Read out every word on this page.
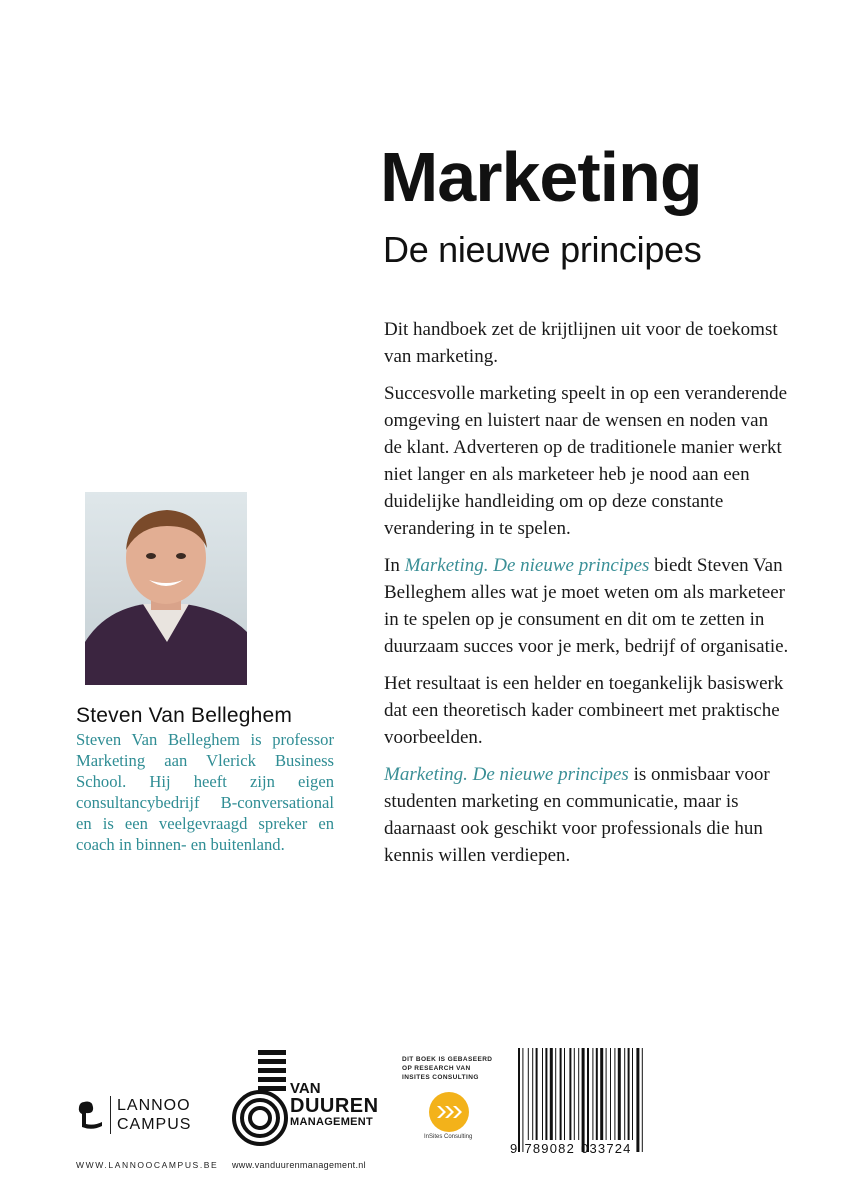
Marketing
De nieuwe principes

Dit handboek zet de krijtlijnen uit voor de toekomst van marketing.

Succesvolle marketing speelt in op een veranderende omgeving en luistert naar de wensen en noden van de klant. Adverteren op de traditionele manier werkt niet langer en als marketeer heb je nood aan een duidelijke handleiding om op deze constante verandering in te spelen.

In Marketing. De nieuwe principes biedt Steven Van Belleghem alles wat je moet weten om als marketeer in te spelen op je consument en dit om te zetten in duurzaam succes voor je merk, bedrijf of organisatie.

Het resultaat is een helder en toegankelijk basiswerk dat een theoretisch kader combineert met praktische voorbeelden.

Marketing. De nieuwe principes is onmisbaar voor studenten marketing en communicatie, maar is daarnaast ook geschikt voor professionals die hun kennis willen verdiepen.

Steven Van Belleghem
Steven Van Belleghem is professor Marketing aan Vlerick Business School. Hij heeft zijn eigen consultancybedrijf B-conversational en is een veelgevraagd spreker en coach in binnen- en buitenland.
LANNOO
CAMPUS
WWW.LANNOOCAMPUS.BE
VAN
DUUREN
MANAGEMENT
www.vanduurenmanagement.nl
DIT BOEK IS GEBASEERD
OP RESEARCH VAN
INSITES CONSULTING
InSites Consulting
9 789082 033724
